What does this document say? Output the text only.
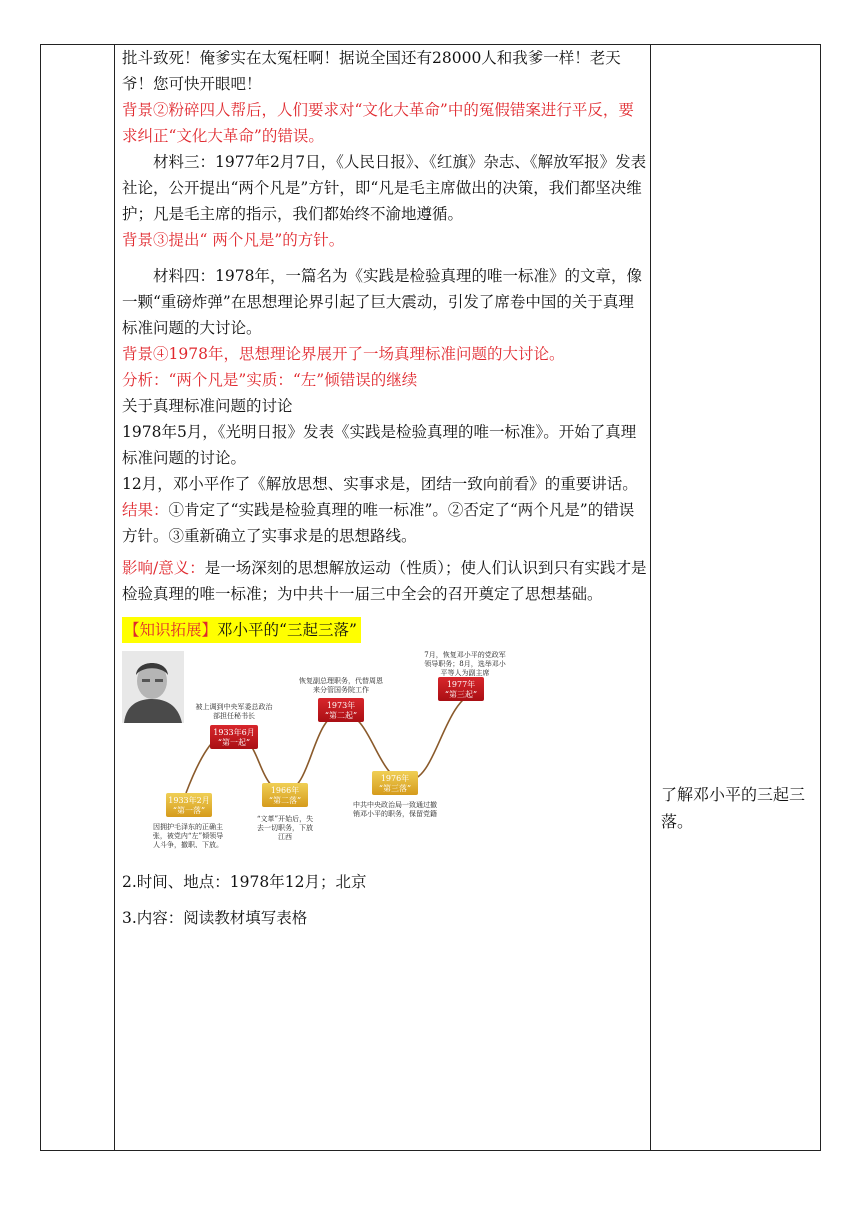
批斗致死！俺爹实在太冤枉啊！据说全国还有28000人和我爹一样！老天爷！您可快开眼吧！

背景②粉碎四人帮后，人们要求对“文化大革命”中的冤假错案进行平反，要求纠正“文化大革命”的错误。

材料三：1977年2月7日，《人民日报》、《红旗》杂志、《解放军报》发表社论，公开提出“两个凡是”方针，即“凡是毛主席做出的决策，我们都坚决维护；凡是毛主席的指示，我们都始终不渝地遵循。

背景③提出“ 两个凡是”的方针。

材料四：1978年，一篇名为《实践是检验真理的唯一标准》的文章，像一颗“重磅炸弹”在思想理论界引起了巨大震动，引发了席卷中国的关于真理标准问题的大讨论。

背景④1978年，思想理论界展开了一场真理标准问题的大讨论。

分析：“两个凡是”实质：“左”倾错误的继续

关于真理标准问题的讨论

1978年5月，《光明日报》发表《实践是检验真理的唯一标准》。开始了真理标准问题的讨论。

12月，邓小平作了《解放思想、实事求是，团结一致向前看》的重要讲话。

结果：①肯定了“实践是检验真理的唯一标准”。②否定了“两个凡是”的错误方针。③重新确立了实事求是的思想路线。

影响/意义：是一场深刻的思想解放运动（性质）；使人们认识到只有实践才是检验真理的唯一标准；为中共十一届三中全会的召开奠定了思想基础。

【知识拓展】邓小平的“三起三落”

1933年2月
“第一落”
1933年6月
“第一起”
1966年
“第二落”
1973年
“第二起”
1976年
“第三落”
1977年
“第三起”
因拥护毛泽东的正确主张，被党内“左”倾领导人斗争，撤职、下放。
被上调到中央军委总政治部担任秘书长
“文革”开始后，失去一切职务，下放江西
恢复副总理职务，代替周恩来分管国务院工作
中共中央政治局一致通过撤销邓小平的职务，保留党籍
7月，恢复邓小平的党政军领导职务；8月，选举邓小平等人为副主席

2.时间、地点：1978年12月；北京

3.内容：阅读教材填写表格

了解邓小平的三起三落。
